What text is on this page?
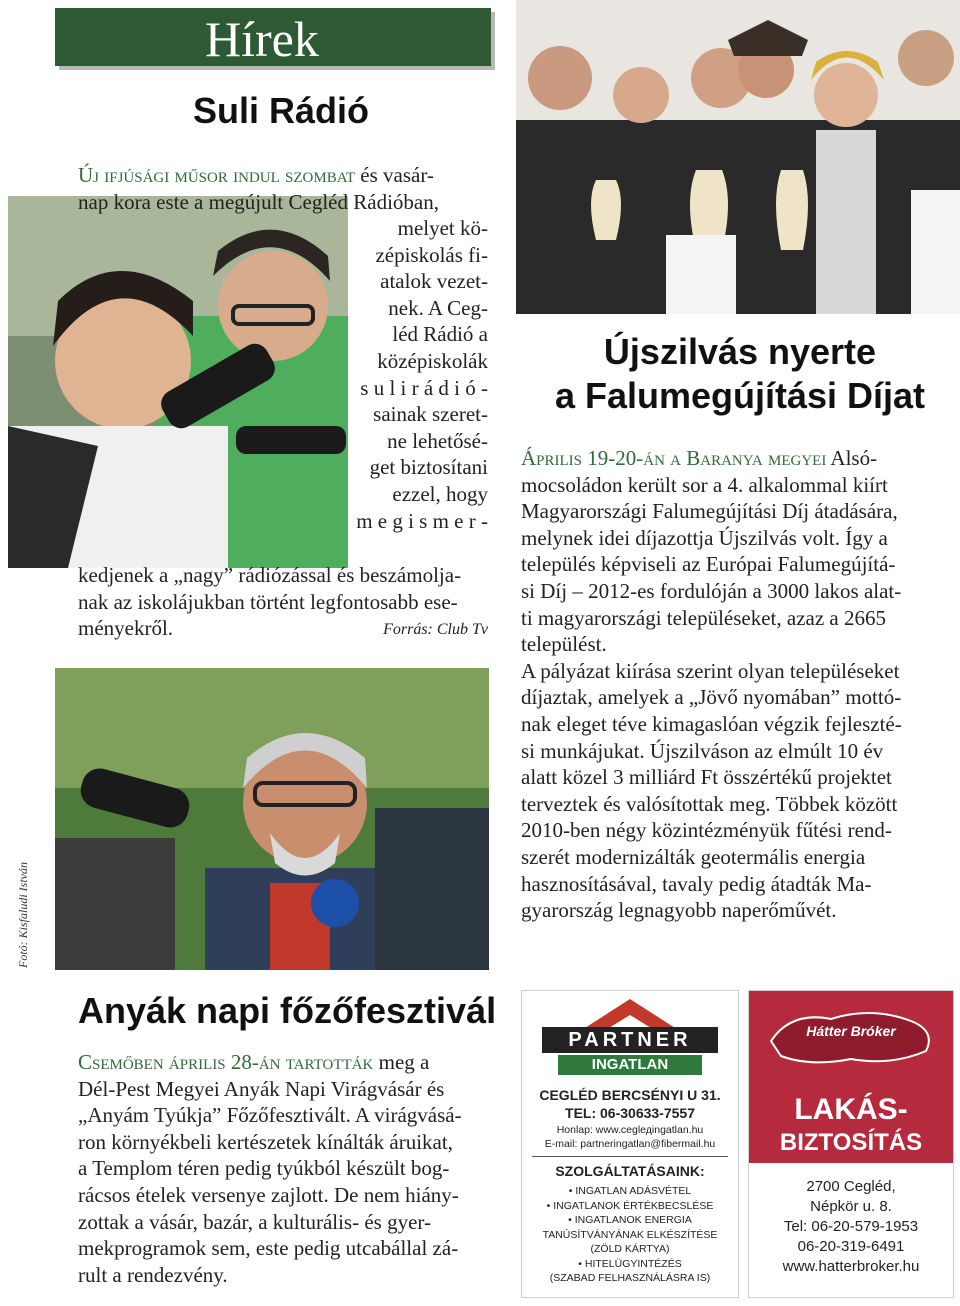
Hírek
Suli Rádió
Új ifjúsági műsor indul szombat és vasár-
nap kora este a megújult Cegléd Rádióban,
melyet kö-
zépiskolás fi-
atalok vezet-
nek. A Ceg-
léd Rádió a
középiskolák
s u l i r á d i ó -
sainak szeret-
ne lehetősé-
get biztosítani
ezzel, hogy
m e g i s m e r -
kedjenek a „nagy” rádiózással és beszámolja-
nak az iskolájukban történt legfontosabb ese-
ményekről.	Forrás: Club Tv
Újszilvás nyerte
a Falumegújítási Díjat
Április 19-20-án a Baranya megyei Alsó-
mocsoládon került sor a 4. alkalommal kiírt
Magyarországi Falumegújítási Díj átadására,
melynek idei díjazottja Újszilvás volt. Így a
település képviseli az Európai Falumegújítá-
si Díj – 2012-es fordulóján a 3000 lakos alat-
ti magyarországi településeket, azaz a 2665
települést.
A pályázat kiírása szerint olyan településeket
díjaztak, amelyek a „Jövő nyomában” mottó-
nak eleget téve kimagaslóan végzik fejleszté-
si munkájukat. Újszilváson az elmúlt 10 év
alatt közel 3 milliárd Ft összértékű projektet
terveztek és valósítottak meg. Többek között
2010-ben négy közintézményük fűtési rend-
szerét modernizálták geotermális energia
hasznosításával, tavaly pedig átadták Ma-
gyarország legnagyobb naperőművét.
Fotó: Kisfaludi István
Anyák napi főzőfesztivál
Csemőben április 28-án tartották meg a
Dél-Pest Megyei Anyák Napi Virágvásár és
„Anyám Tyúkja” Főzőfesztivált. A virágvásá-
ron környékbeli kertészetek kínálták áruikat,
a Templom téren pedig tyúkból készült bog-
rácsos ételek versenye zajlott. De nem hiány-
zottak a vásár, bazár, a kulturális- és gyer-
mekprogramok sem, este pedig utcabállal zá-
rult a rendezvény.
PARTNER
INGATLAN
CEGLÉD BERCSÉNYI U 31.
TEL: 06-30633-7557
Honlap: www.ceglедingatlan.hu
E-mail: partneringatlan@fibermail.hu
SZOLGÁLTATÁSAINK:
• INGATLAN ADÁSVÉTEL
• INGATLANOK ÉRTÉKBECSLÉSE
• INGATLANOK ENERGIA
TANÚSÍTVÁNYÁNAK ELKÉSZÍTÉSE
(ZÖLD KÁRTYA)
• HITELÜGYINTÉZÉS
(SZABAD FELHASZNÁLÁSRA IS)
Hátter Bróker
LAKÁS-
BIZTOSÍTÁS
2700 Cegléd,
Népkör u. 8.
Tel: 06-20-579-1953
06-20-319-6491
www.hatterbroker.hu
